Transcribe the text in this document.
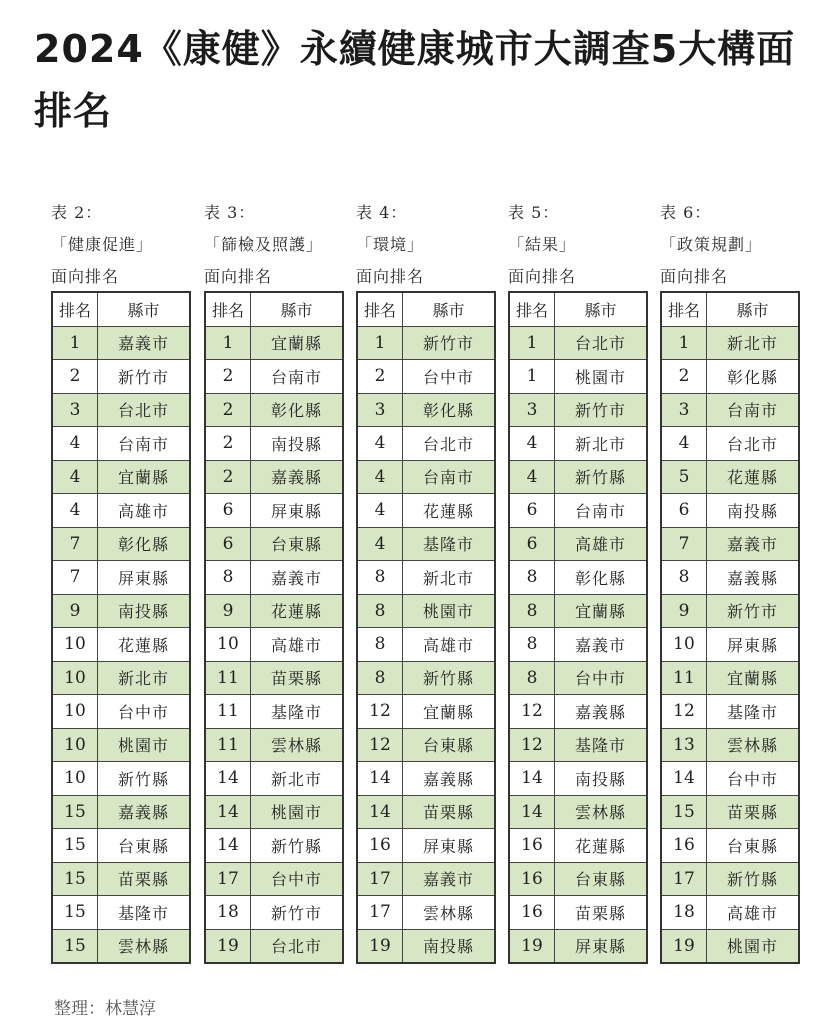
2024《康健》永續健康城市大調查5大構面排名
表 2：
「健康促進」
面向排名
排名	縣市
1	嘉義市
2	新竹市
3	台北市
4	台南市
4	宜蘭縣
4	高雄市
7	彰化縣
7	屏東縣
9	南投縣
10	花蓮縣
10	新北市
10	台中市
10	桃園市
10	新竹縣
15	嘉義縣
15	台東縣
15	苗栗縣
15	基隆市
15	雲林縣
表 3：
「篩檢及照護」
面向排名
排名	縣市
1	宜蘭縣
2	台南市
2	彰化縣
2	南投縣
2	嘉義縣
6	屏東縣
6	台東縣
8	嘉義市
9	花蓮縣
10	高雄市
11	苗栗縣
11	基隆市
11	雲林縣
14	新北市
14	桃園市
14	新竹縣
17	台中市
18	新竹市
19	台北市
表 4：
「環境」
面向排名
排名	縣市
1	新竹市
2	台中市
3	彰化縣
4	台北市
4	台南市
4	花蓮縣
4	基隆市
8	新北市
8	桃園市
8	高雄市
8	新竹縣
12	宜蘭縣
12	台東縣
14	嘉義縣
14	苗栗縣
16	屏東縣
17	嘉義市
17	雲林縣
19	南投縣
表 5：
「結果」
面向排名
排名	縣市
1	台北市
1	桃園市
3	新竹市
4	新北市
4	新竹縣
6	台南市
6	高雄市
8	彰化縣
8	宜蘭縣
8	嘉義市
8	台中市
12	嘉義縣
12	基隆市
14	南投縣
14	雲林縣
16	花蓮縣
16	台東縣
16	苗栗縣
19	屏東縣
表 6：
「政策規劃」
面向排名
排名	縣市
1	新北市
2	彰化縣
3	台南市
4	台北市
5	花蓮縣
6	南投縣
7	嘉義市
8	嘉義縣
9	新竹市
10	屏東縣
11	宜蘭縣
12	基隆市
13	雲林縣
14	台中市
15	苗栗縣
16	台東縣
17	新竹縣
18	高雄市
19	桃園市
整理：林慧淳
